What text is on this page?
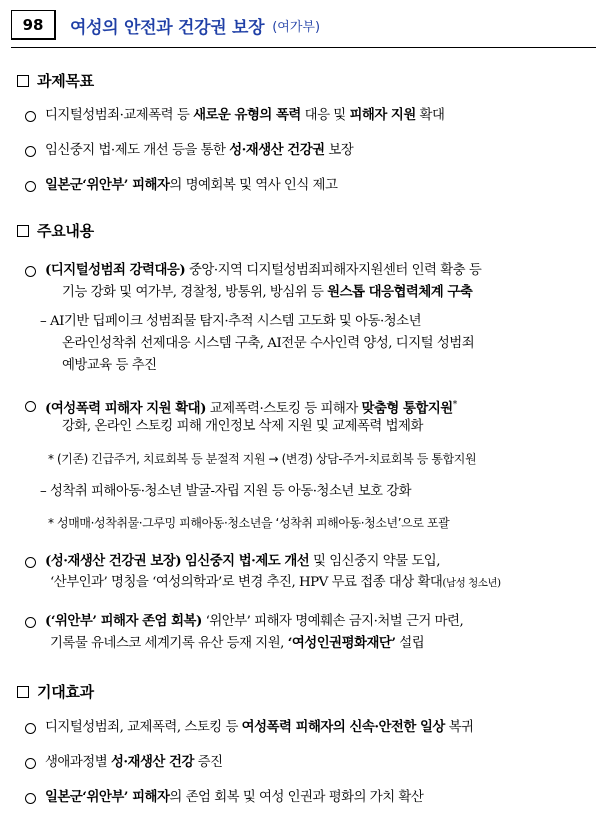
98	여성의 안전과 건강권 보장 (여가부)
과제목표
디지털성범죄·교제폭력 등 새로운 유형의 폭력 대응 및 피해자 지원 확대
임신중지 법·제도 개선 등을 통한 성·재생산 건강권 보장
일본군‘위안부’ 피해자의 명예회복 및 역사 인식 제고
주요내용
(디지털성범죄 강력대응) 중앙·지역 디지털성범죄피해자지원센터 인력 확충 등
기능 강화 및 여가부, 경찰청, 방통위, 방심위 등 원스톱 대응협력체계 구축
– AI기반 딥페이크 성범죄물 탐지·추적 시스템 고도화 및 아동·청소년
온라인성착취 선제대응 시스템 구축, AI전문 수사인력 양성, 디지털 성범죄
예방교육 등 추진
(여성폭력 피해자 지원 확대) 교제폭력·스토킹 등 피해자 맞춤형 통합지원*
강화, 온라인 스토킹 피해 개인정보 삭제 지원 및 교제폭력 법제화
* (기존) 긴급주거, 치료회복 등 분절적 지원 → (변경) 상담-주거-치료회복 등 통합지원
– 성착취 피해아동·청소년 발굴-자립 지원 등 아동·청소년 보호 강화
* 성매매·성착취물·그루밍 피해아동·청소년을 ‘성착취 피해아동·청소년’으로 포괄
(성·재생산 건강권 보장) 임신중지 법·제도 개선 및 임신중지 약물 도입,
‘산부인과’ 명칭을 ‘여성의학과’로 변경 추진, HPV 무료 접종 대상 확대(남성 청소년)
(‘위안부’ 피해자 존엄 회복) ‘위안부’ 피해자 명예훼손 금지·처벌 근거 마련,
기록물 유네스코 세계기록 유산 등재 지원, ‘여성인권평화재단’ 설립
기대효과
디지털성범죄, 교제폭력, 스토킹 등 여성폭력 피해자의 신속·안전한 일상 복귀
생애과정별 성·재생산 건강 증진
일본군‘위안부’ 피해자의 존엄 회복 및 여성 인권과 평화의 가치 확산
